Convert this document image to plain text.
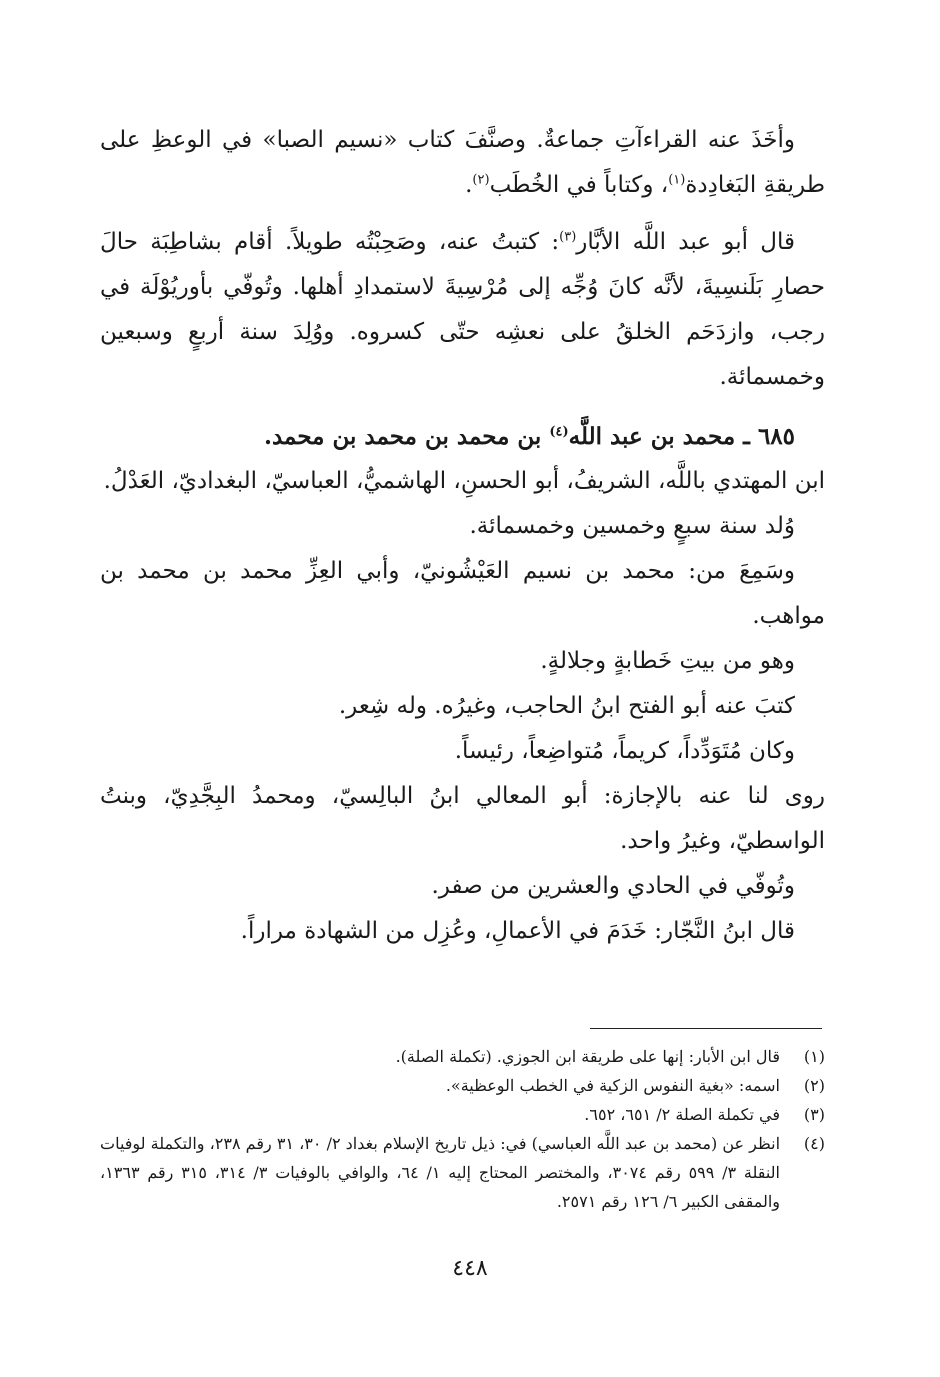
وأخَذَ عنه القراءآتِ جماعةٌ. وصنَّفَ كتاب «نسيم الصبا» في الوعظِ على طريقةِ البَغادِدة$^{(١)}$، وكتاباً في الخُطَب$^{(٢)}$.

قال أبو عبد اللَّه الأبَّار$^{(٣)}$: كتبتُ عنه، وصَحِبْتُه طويلاً. أقام بشاطِبَة حالَ حصارِ بَلَنسِيةَ، لأنَّه كانَ وُجِّه إلى مُرْسِيةَ لاستمدادِ أهلها. وتُوفّي بأوريُوْلَة في رجب، وازدَحَم الخلقُ على نعشِه حتّى كسروه. ووُلِدَ سنة أربعٍ وسبعين وخمسمائة.

٦٨٥ ـ محمد بن عبد اللَّه$^{(٤)}$ بن محمد بن محمد بن محمد.

ابن المهتدي باللَّه، الشريفُ، أبو الحسنِ، الهاشميُّ، العباسيّ، البغداديّ، العَدْلُ.

وُلد سنة سبعٍ وخمسين وخمسمائة.

وسَمِعَ من: محمد بن نسيم العَيْشُونيّ، وأبي العِزِّ محمد بن محمد بن مواهب.

وهو من بيتِ خَطابةٍ وجلالةٍ.

كتبَ عنه أبو الفتح ابنُ الحاجب، وغيرُه. وله شِعر.

وكان مُتَوَدِّداً، كريماً، مُتواضِعاً، رئيساً.

روى لنا عنه بالإجازة: أبو المعالي ابنُ البالِسيّ، ومحمدُ البِجَّدِيّ، وبنتُ الواسطيّ، وغيرُ واحد.

وتُوفّي في الحادي والعشرين من صفر.

قال ابنُ النَّجّار: خَدَمَ في الأعمالِ، وعُزِل من الشهادة مراراً.

(١)
قال ابن الأبار: إنها على طريقة ابن الجوزي. (تكملة الصلة).
(٢)
اسمه: «بغية النفوس الزكية في الخطب الوعظية».
(٣)
في تكملة الصلة ٢/ ٦٥١، ٦٥٢.
(٤)
انظر عن (محمد بن عبد اللَّه العباسي) في: ذيل تاريخ الإسلام بغداد ٢/ ٣٠، ٣١ رقم ٢٣٨، والتكملة لوفيات النقلة ٣/ ٥٩٩ رقم ٣٠٧٤، والمختصر المحتاج إليه ١/ ٦٤، والوافي بالوفيات ٣/ ٣١٤، ٣١٥ رقم ١٣٦٣، والمقفى الكبير ٦/ ١٢٦ رقم ٢٥٧١.
٤٤٨
